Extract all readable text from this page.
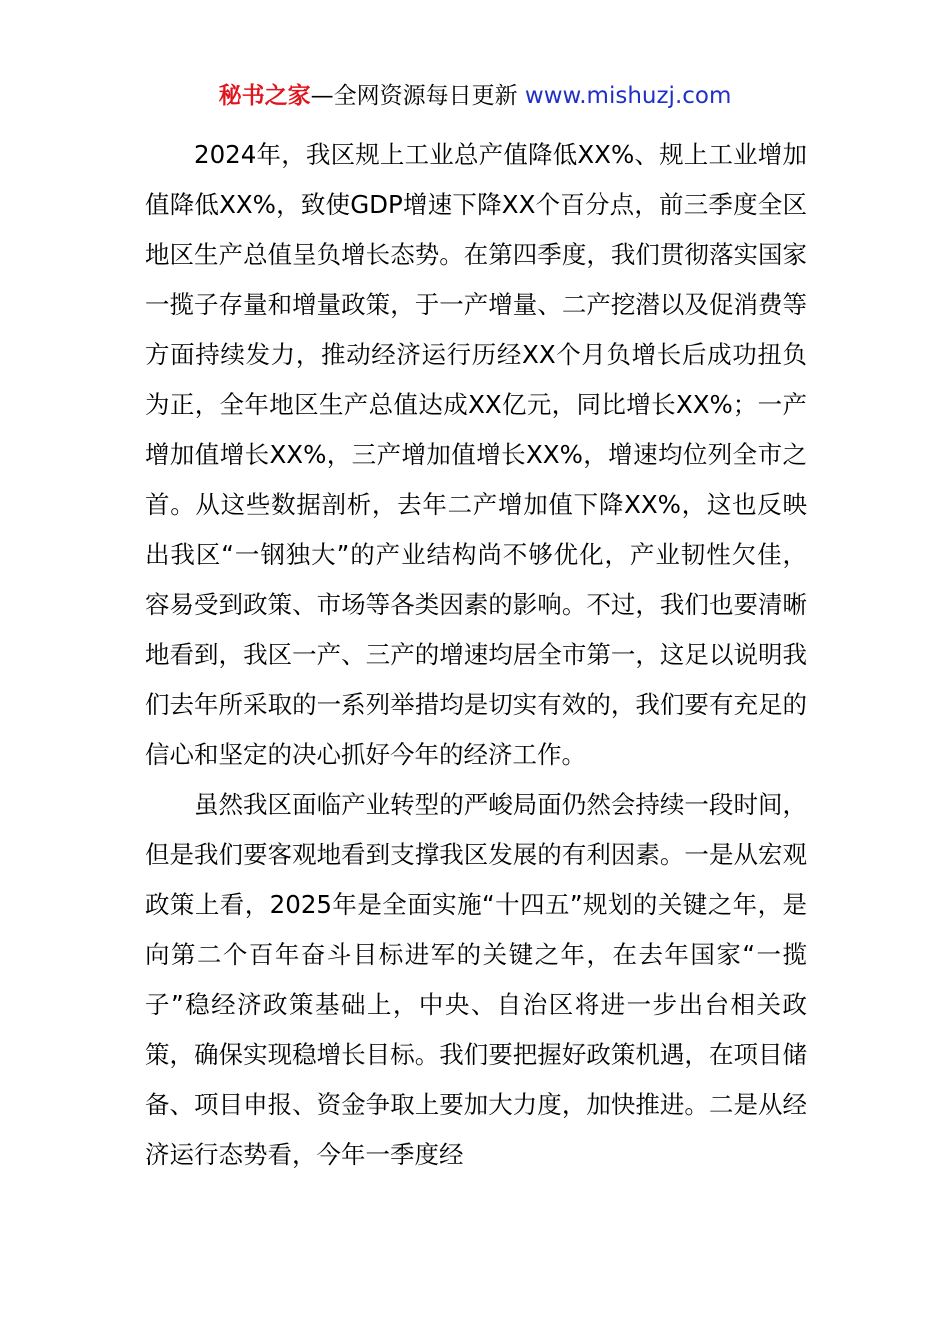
秘书之家—全网资源每日更新 www.mishuzj.com

2024年，我区规上工业总产值降低XX%、规上工业增加值降低XX%，致使GDP增速下降XX个百分点，前三季度全区地区生产总值呈负增长态势。在第四季度，我们贯彻落实国家一揽子存量和增量政策，于一产增量、二产挖潜以及促消费等方面持续发力，推动经济运行历经XX个月负增长后成功扭负为正，全年地区生产总值达成XX亿元，同比增长XX%；一产增加值增长XX%，三产增加值增长XX%，增速均位列全市之首。从这些数据剖析，去年二产增加值下降XX%，这也反映出我区“一钢独大”的产业结构尚不够优化，产业韧性欠佳，容易受到政策、市场等各类因素的影响。不过，我们也要清晰地看到，我区一产、三产的增速均居全市第一，这足以说明我们去年所采取的一系列举措均是切实有效的，我们要有充足的信心和坚定的决心抓好今年的经济工作。

虽然我区面临产业转型的严峻局面仍然会持续一段时间，但是我们要客观地看到支撑我区发展的有利因素。一是从宏观政策上看，2025年是全面实施“十四五”规划的关键之年，是向第二个百年奋斗目标进军的关键之年，在去年国家“一揽子”稳经济政策基础上，中央、自治区将进一步出台相关政策，确保实现稳增长目标。我们要把握好政策机遇，在项目储备、项目申报、资金争取上要加大力度，加快推进。二是从经济运行态势看，今年一季度经
